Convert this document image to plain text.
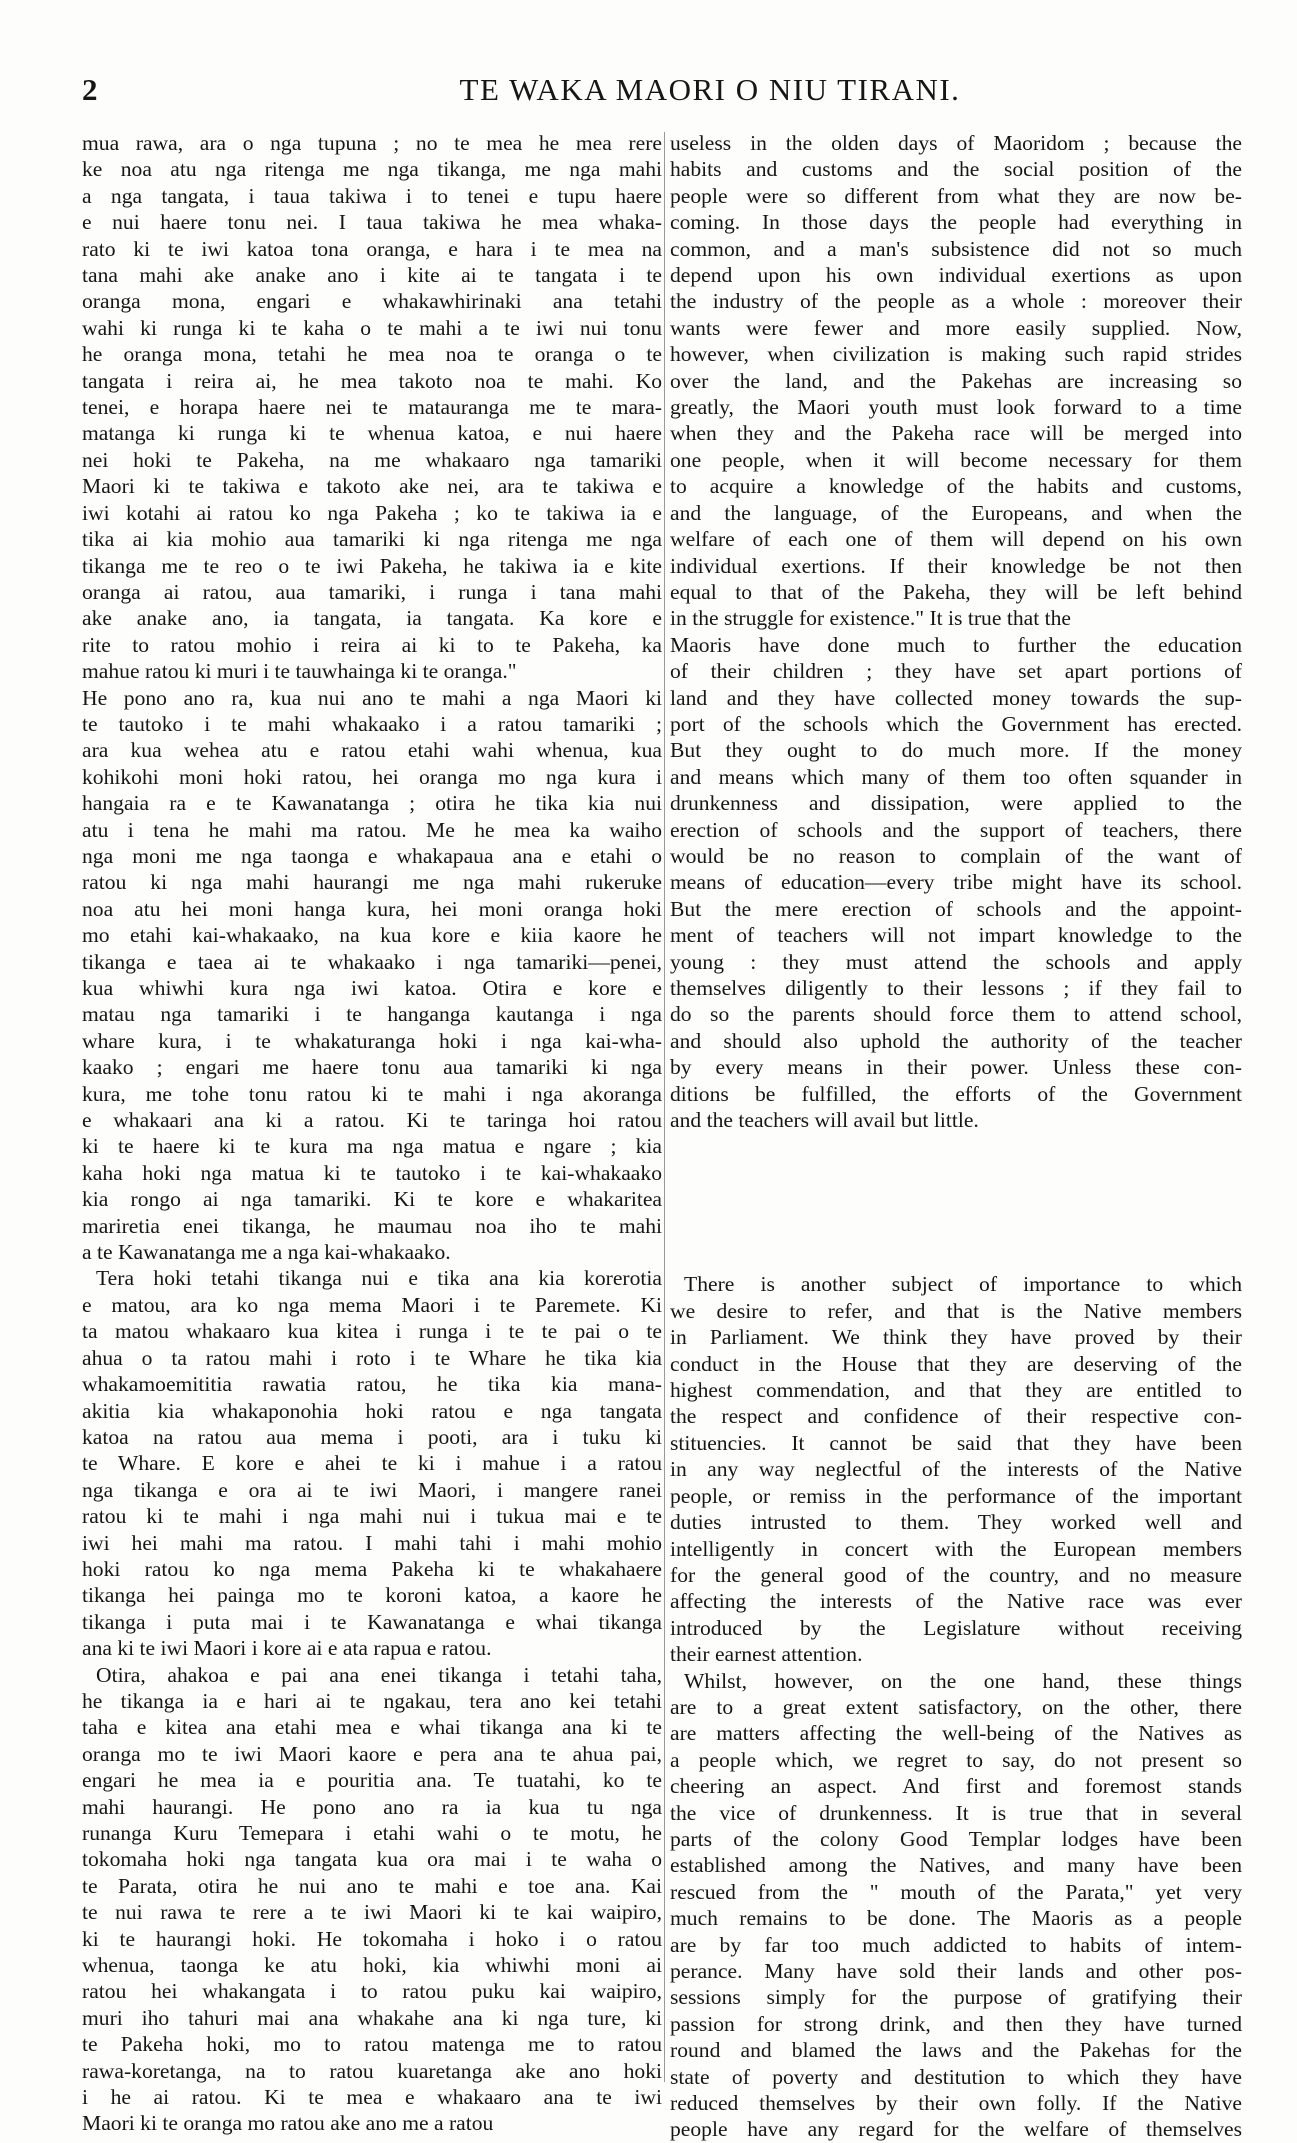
2	TE WAKA MAORI O NIU TIRANI.
mua rawa, ara o nga tupuna ; no te mea he mea rere
ke noa atu nga ritenga me nga tikanga, me nga mahi
a nga tangata, i taua takiwa i to tenei e tupu haere
e nui haere tonu nei. I taua takiwa he mea whaka-
rato ki te iwi katoa tona oranga, e hara i te mea na
tana mahi ake anake ano i kite ai te tangata i te
oranga mona, engari e whakawhirinaki ana tetahi
wahi ki runga ki te kaha o te mahi a te iwi nui tonu
he oranga mona, tetahi he mea noa te oranga o te
tangata i reira ai, he mea takoto noa te mahi. Ko
tenei, e horapa haere nei te matauranga me te mara-
matanga ki runga ki te whenua katoa, e nui haere
nei hoki te Pakeha, na me whakaaro nga tamariki
Maori ki te takiwa e takoto ake nei, ara te takiwa e
iwi kotahi ai ratou ko nga Pakeha ; ko te takiwa ia e
tika ai kia mohio aua tamariki ki nga ritenga me nga
tikanga me te reo o te iwi Pakeha, he takiwa ia e kite
oranga ai ratou, aua tamariki, i runga i tana mahi
ake anake ano, ia tangata, ia tangata. Ka kore e
rite to ratou mohio i reira ai ki to te Pakeha, ka
mahue ratou ki muri i te tauwhainga ki te oranga."
He pono ano ra, kua nui ano te mahi a nga Maori ki
te tautoko i te mahi whakaako i a ratou tamariki ;
ara kua wehea atu e ratou etahi wahi whenua, kua
kohikohi moni hoki ratou, hei oranga mo nga kura i
hangaia ra e te Kawanatanga ; otira he tika kia nui
atu i tena he mahi ma ratou. Me he mea ka waiho
nga moni me nga taonga e whakapaua ana e etahi o
ratou ki nga mahi haurangi me nga mahi rukeruke
noa atu hei moni hanga kura, hei moni oranga hoki
mo etahi kai-whakaako, na kua kore e kiia kaore he
tikanga e taea ai te whakaako i nga tamariki—penei,
kua whiwhi kura nga iwi katoa. Otira e kore e
matau nga tamariki i te hanganga kautanga i nga
whare kura, i te whakaturanga hoki i nga kai-wha-
kaako ; engari me haere tonu aua tamariki ki nga
kura, me tohe tonu ratou ki te mahi i nga akoranga
e whakaari ana ki a ratou. Ki te taringa hoi ratou
ki te haere ki te kura ma nga matua e ngare ; kia
kaha hoki nga matua ki te tautoko i te kai-whakaako
kia rongo ai nga tamariki. Ki te kore e whakaritea
mariretia enei tikanga, he maumau noa iho te mahi
a te Kawanatanga me a nga kai-whakaako.
Tera hoki tetahi tikanga nui e tika ana kia korerotia
e matou, ara ko nga mema Maori i te Paremete. Ki
ta matou whakaaro kua kitea i runga i te te pai o te
ahua o ta ratou mahi i roto i te Whare he tika kia
whakamoemititia rawatia ratou, he tika kia mana-
akitia kia whakaponohia hoki ratou e nga tangata
katoa na ratou aua mema i pooti, ara i tuku ki
te Whare. E kore e ahei te ki i mahue i a ratou
nga tikanga e ora ai te iwi Maori, i mangere ranei
ratou ki te mahi i nga mahi nui i tukua mai e te
iwi hei mahi ma ratou. I mahi tahi i mahi mohio
hoki ratou ko nga mema Pakeha ki te whakahaere
tikanga hei painga mo te koroni katoa, a kaore he
tikanga i puta mai i te Kawanatanga e whai tikanga
ana ki te iwi Maori i kore ai e ata rapua e ratou.
Otira, ahakoa e pai ana enei tikanga i tetahi taha,
he tikanga ia e hari ai te ngakau, tera ano kei tetahi
taha e kitea ana etahi mea e whai tikanga ana ki te
oranga mo te iwi Maori kaore e pera ana te ahua pai,
engari he mea ia e pouritia ana. Te tuatahi, ko te
mahi haurangi. He pono ano ra ia kua tu nga
runanga Kuru Temepara i etahi wahi o te motu, he
tokomaha hoki nga tangata kua ora mai i te waha o
te Parata, otira he nui ano te mahi e toe ana. Kai
te nui rawa te rere a te iwi Maori ki te kai waipiro,
ki te haurangi hoki. He tokomaha i hoko i o ratou
whenua, taonga ke atu hoki, kia whiwhi moni ai
ratou hei whakangata i to ratou puku kai waipiro,
muri iho tahuri mai ana whakahe ana ki nga ture, ki
te Pakeha hoki, mo to ratou matenga me to ratou
rawa-koretanga, na to ratou kuaretanga ake ano hoki
i he ai ratou. Ki te mea e whakaaro ana te iwi
Maori ki te oranga mo ratou ake ano me a ratou
useless in the olden days of Maoridom ; because the
habits and customs and the social position of the
people were so different from what they are now be-
coming. In those days the people had everything in
common, and a man's subsistence did not so much
depend upon his own individual exertions as upon
the industry of the people as a whole : moreover their
wants were fewer and more easily supplied. Now,
however, when civilization is making such rapid strides
over the land, and the Pakehas are increasing so
greatly, the Maori youth must look forward to a time
when they and the Pakeha race will be merged into
one people, when it will become necessary for them
to acquire a knowledge of the habits and customs,
and the language, of the Europeans, and when the
welfare of each one of them will depend on his own
individual exertions. If their knowledge be not then
equal to that of the Pakeha, they will be left behind
in the struggle for existence." It is true that the
Maoris have done much to further the education
of their children ; they have set apart portions of
land and they have collected money towards the sup-
port of the schools which the Government has erected.
But they ought to do much more. If the money
and means which many of them too often squander in
drunkenness and dissipation, were applied to the
erection of schools and the support of teachers, there
would be no reason to complain of the want of
means of education—every tribe might have its school.
But the mere erection of schools and the appoint-
ment of teachers will not impart knowledge to the
young : they must attend the schools and apply
themselves diligently to their lessons ; if they fail to
do so the parents should force them to attend school,
and should also uphold the authority of the teacher
by every means in their power. Unless these con-
ditions be fulfilled, the efforts of the Government
and the teachers will avail but little.
There is another subject of importance to which
we desire to refer, and that is the Native members
in Parliament. We think they have proved by their
conduct in the House that they are deserving of the
highest commendation, and that they are entitled to
the respect and confidence of their respective con-
stituencies. It cannot be said that they have been
in any way neglectful of the interests of the Native
people, or remiss in the performance of the important
duties intrusted to them. They worked well and
intelligently in concert with the European members
for the general good of the country, and no measure
affecting the interests of the Native race was ever
introduced by the Legislature without receiving
their earnest attention.
Whilst, however, on the one hand, these things
are to a great extent satisfactory, on the other, there
are matters affecting the well-being of the Natives as
a people which, we regret to say, do not present so
cheering an aspect. And first and foremost stands
the vice of drunkenness. It is true that in several
parts of the colony Good Templar lodges have been
established among the Natives, and many have been
rescued from the " mouth of the Parata," yet very
much remains to be done. The Maoris as a people
are by far too much addicted to habits of intem-
perance. Many have sold their lands and other pos-
sessions simply for the purpose of gratifying their
passion for strong drink, and then they have turned
round and blamed the laws and the Pakehas for the
state of poverty and destitution to which they have
reduced themselves by their own folly. If the Native
people have any regard for the welfare of themselves
